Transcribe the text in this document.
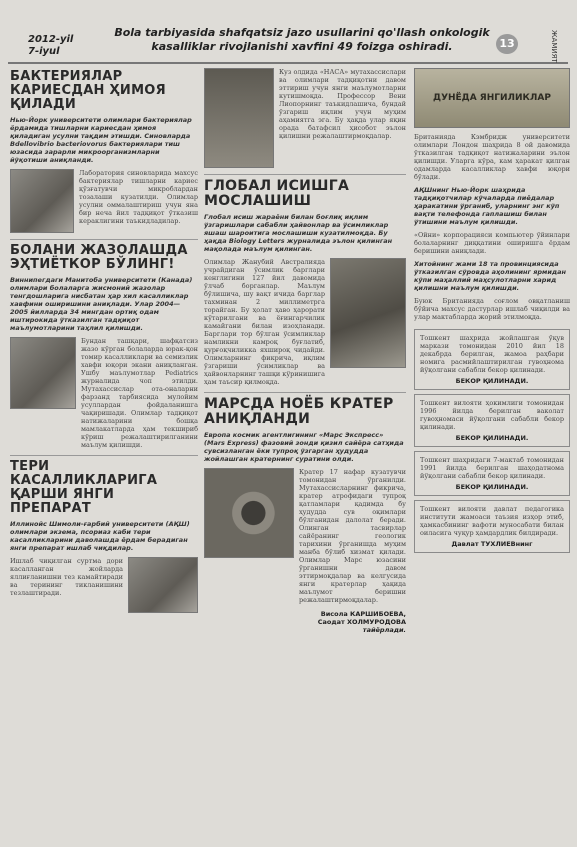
2012-yil
7-iyul
Bola tarbiyasida shafqatsiz jazo usullarini qo'llash onkologik
kasalliklar rivojlanishi xavfini 49 foizga oshiradi.	13	ЖАМИЯТ
БАКТЕРИЯЛАР КАРИЕСДАН ҲИМОЯ ҚИЛАДИ
Нью-Йорк университети олимлари бактериялар ёрдамида тишларни кариесдан ҳимоя қиладиган усулни тақдим этишди. Синовларда Bdellovibrio bacteriovorus бактериялари тиш юзасида зарарли микроорганизмларни йўқотиши аниқланди.
Лаборатория синовларида махсус бактериялар тишларни кариес қўзғатувчи микроблардан тозалаши кузатилди. Олимлар усулни оммалаштириш учун яна бир неча йил тадқиқот ўтказиш кераклигини таъкидладилар.
БОЛАНИ ЖАЗОЛАШДА ЭҲТИЁТКОР БЎЛИНГ!
Виннипегдаги Манитоба университети (Канада) олимлари болаларга жисмоний жазолар тенгдошларига нисбатан ҳар хил касалликлар хавфини оширишини аниқлади. Улар 2004—2005 йилларда 34 мингдан ортиқ одам иштирокида ўтказилган тадқиқот маълумотларини таҳлил қилишди.
Бундан ташқари, шафқатсиз жазо кўрган болаларда юрак-қон томир касалликлари ва семизлик хавфи юқори экани аниқланган. Ушбу маълумотлар Pediatrics журналида чоп этилди. Мутахассислар ота-оналарни фарзанд тарбиясида мулойим усуллардан фойдаланишга чақиришади. Олимлар тадқиқот натижаларини бошқа мамлакатларда ҳам текшириб кўриш режалаштирилганини маълум қилишди.
ТЕРИ КАСАЛЛИКЛАРИГА ҚАРШИ ЯНГИ ПРЕПАРАТ
Иллинойс Шимоли-ғарбий университети (АҚШ) олимлари экзема, псориаз каби тери касалликларини даволашда ёрдам берадиган янги препарат ишлаб чиқдилар.
Ишлаб чиқилган суртма дори касалланган жойларда яллиғланишни тез камайтиради ва терининг тикланишини тезлаштиради.
Куз олдида «НАСА» мутахассислари ва олимлари тадқиқотни давом эттириш учун янги маълумотларни кутишмоқда. Профессор Вени Лиопорнинг таъкидлашича, бундай ўзгариш иқлим учун муҳим аҳамиятга эга. Бу ҳақда улар яқин орада батафсил ҳисобот эълон қилишни режалаштирмоқдалар.
ГЛОБАЛ ИСИШГА МОСЛАШИШ
Глобал исиш жараёни билан боғлиқ иқлим ўзгаришлари сабабли ҳайвонлар ва ўсимликлар яшаш шароитига мослашиши кузатилмоқда. Бу ҳақда Biology Letters журналида эълон қилинган мақолада маълум қилинган.
Олимлар Жанубий Австралияда учрайдиган ўсимлик барглари кенглигини 127 йил давомида ўлчаб борганлар. Маълум бўлишича, шу вақт ичида барглар тахминан 2 миллиметрга торайган. Бу ҳолат ҳаво ҳарорати кўтарилгани ва ёғингарчилик камайгани билан изоҳланади. Барглари тор бўлган ўсимликлар намликни камроқ буғлатиб, қурғоқчиликка яхшироқ чидайди. Олимларнинг фикрича, иқлим ўзгариши ўсимликлар ва ҳайвонларнинг ташқи кўринишига ҳам таъсир қилмоқда.
МАРСДА НОЁБ КРАТЕР АНИҚЛАНДИ
Европа космик агентлигининг «Марс Экспресс» (Mars Express) фазовий зонди қизил сайёра сатҳида сувсизланган ёки тупроқ ўзгарган ҳудудда жойлашган кратернинг суратини олди.
Кратер 17 нафар кузатувчи томонидан ўрганилди. Мутахассисларнинг фикрича, кратер атрофидаги тупроқ қатламлари қадимда бу ҳудудда сув оқимлари бўлганидан далолат беради. Олинган тасвирлар сайёранинг геологик тарихини ўрганишда муҳим манба бўлиб хизмат қилади. Олимлар Марс юзасини ўрганишни давом эттирмоқдалар ва келгусида янги кратерлар ҳақида маълумот беришни режалаштирмоқдалар.
Висола КАРШИБОЕВА,
Саодат ХОЛМУРОДОВА
тайёрлади.
ДУНЁДА ЯНГИЛИКЛАР
Британияда Кэмбридж университети олимлари Лондон шаҳрида 8 ой давомида ўтказилган тадқиқот натижаларини эълон қилишди. Уларга кўра, кам ҳаракат қилган одамларда касалликлар хавфи юқори бўлади.
АҚШнинг Нью-Йорк шаҳрида тадқиқотчилар кўчаларда пиёдалар ҳаракатини ўрганиб, уларнинг энг кўп вақти телефонда гаплашиш билан ўтишини маълум қилишди.
«Ойни» корпорацияси компьютер ўйинлари болаларнинг диққатини оширишга ёрдам беришини аниқлади.
Хитойнинг жами 18 та провинциясида ўтказилган сўровда аҳолининг ярмидан кўпи маҳаллий маҳсулотларни харид қилишни маълум қилишди.
Буюк Британияда соғлом овқатланиш бўйича махсус дастурлар ишлаб чиқилди ва улар мактабларда жорий этилмоқда.
Тошкент шаҳрида жойлашган ўқув маркази томонидан 2010 йил 18 декабрда берилган, жамоа раҳбари номига расмийлаштирилган гувоҳнома йўқолгани сабабли бекор қилинади.
БЕКОР ҚИЛИНАДИ.
Тошкент вилояти ҳокимлиги томонидан 1996 йилда берилган ваколат гувоҳномаси йўқолгани сабабли бекор қилинади.
БЕКОР ҚИЛИНАДИ.
Тошкент шаҳридаги 7-мактаб томонидан 1991 йилда берилган шаҳодатнома йўқолгани сабабли бекор қилинади.
БЕКОР ҚИЛИНАДИ.
Тошкент вилояти давлат педагогика институти жамоаси таъзия изҳор этиб, ҳамкасбининг вафоти муносабати билан оиласига чуқур ҳамдардлик билдиради.
Давлат ТУХЛИЕВнинг
